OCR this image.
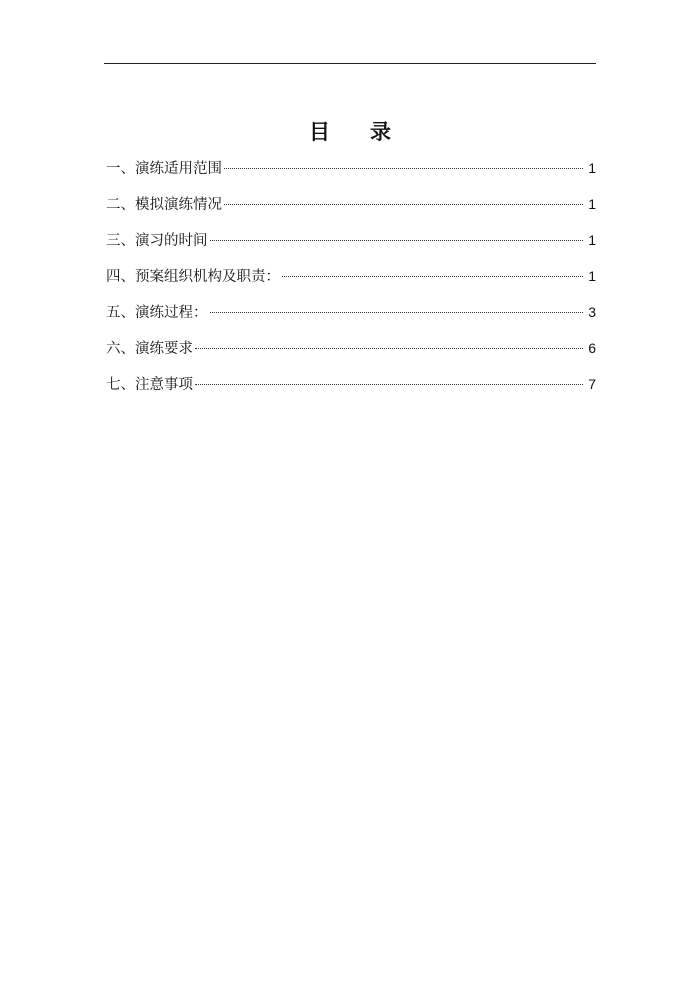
目 录
一、演练适用范围	1
二、模拟演练情况	1
三、演习的时间	1
四、预案组织机构及职责：	1
五、演练过程：	3
六、演练要求	6
七、注意事项	7
